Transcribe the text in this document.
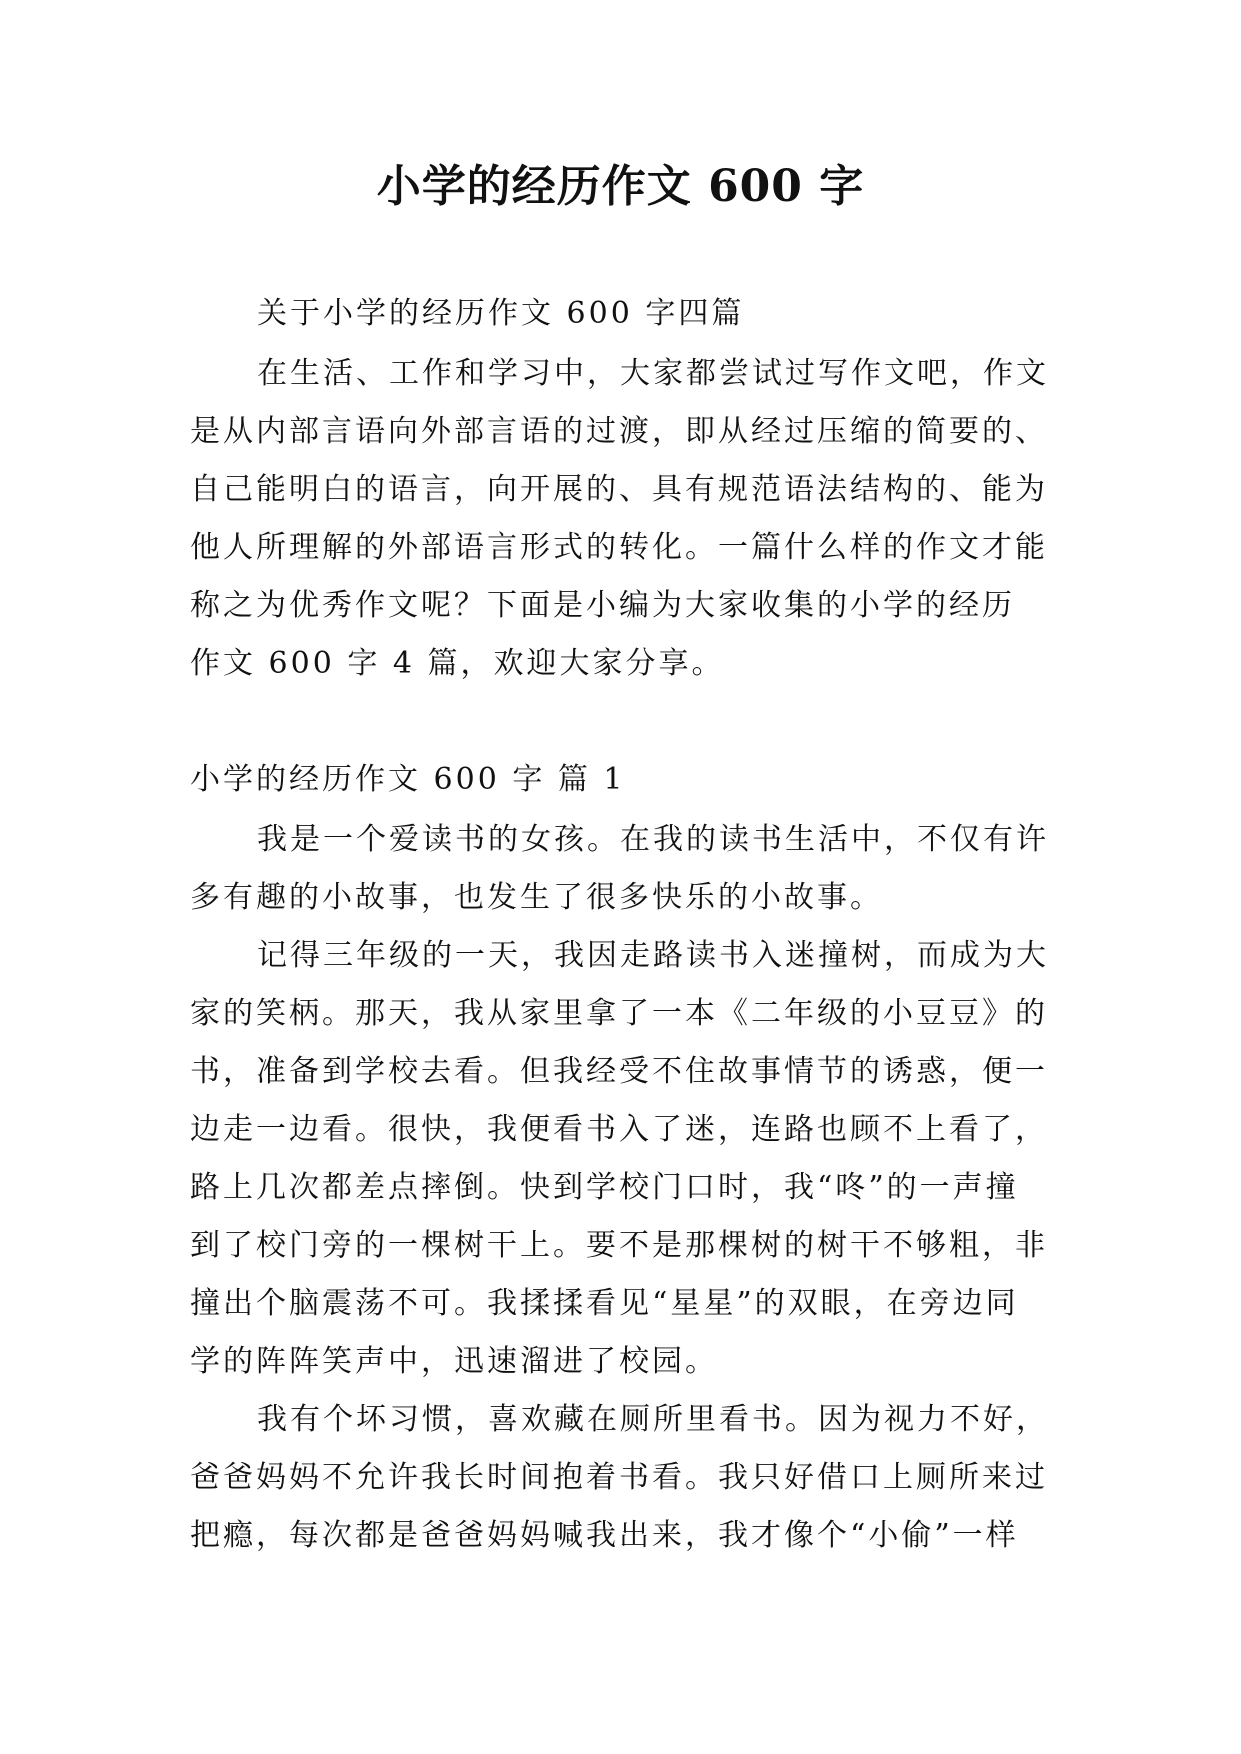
小学的经历作文 600 字
关于小学的经历作文 600 字四篇
在生活、工作和学习中，大家都尝试过写作文吧，作文
是从内部言语向外部言语的过渡，即从经过压缩的简要的、
自己能明白的语言，向开展的、具有规范语法结构的、能为
他人所理解的外部语言形式的转化。一篇什么样的作文才能
称之为优秀作文呢？下面是小编为大家收集的小学的经历
作文 600 字 4 篇，欢迎大家分享。
小学的经历作文 600 字 篇 1
我是一个爱读书的女孩。在我的读书生活中，不仅有许
多有趣的小故事，也发生了很多快乐的小故事。
记得三年级的一天，我因走路读书入迷撞树，而成为大
家的笑柄。那天，我从家里拿了一本《二年级的小豆豆》的
书，准备到学校去看。但我经受不住故事情节的诱惑，便一
边走一边看。很快，我便看书入了迷，连路也顾不上看了，
路上几次都差点摔倒。快到学校门口时，我“咚”的一声撞
到了校门旁的一棵树干上。要不是那棵树的树干不够粗，非
撞出个脑震荡不可。我揉揉看见“星星”的双眼，在旁边同
学的阵阵笑声中，迅速溜进了校园。
我有个坏习惯，喜欢藏在厕所里看书。因为视力不好，
爸爸妈妈不允许我长时间抱着书看。我只好借口上厕所来过
把瘾，每次都是爸爸妈妈喊我出来，我才像个“小偷”一样
